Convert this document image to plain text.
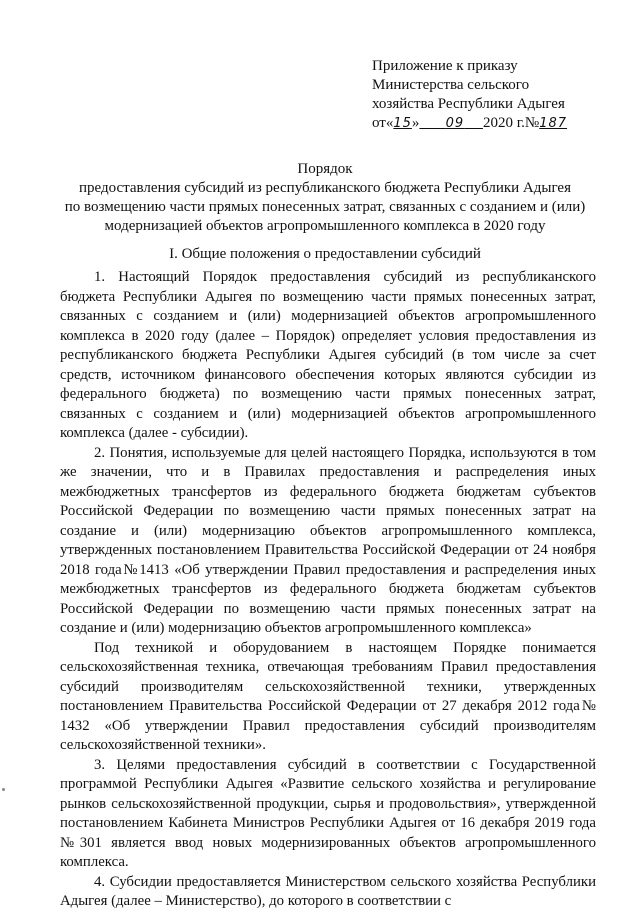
Приложение к приказу
Министерства сельского
хозяйства Республики Адыгея
от«15» 09 2020 г.№187
Порядок
предоставления субсидий из республиканского бюджета Республики Адыгея
по возмещению части прямых понесенных затрат, связанных с созданием и (или)
модернизацией объектов агропромышленного комплекса в 2020 году
I. Общие положения о предоставлении субсидий

1. Настоящий Порядок предоставления субсидий из республиканского бюджета Республики Адыгея по возмещению части прямых понесенных затрат, связанных с созданием и (или) модернизацией объектов агропромышленного комплекса в 2020 году (далее – Порядок) определяет условия предоставления из республиканского бюджета Республики Адыгея субсидий (в том числе за счет средств, источником финансового обеспечения которых являются субсидии из федерального бюджета) по возмещению части прямых понесенных затрат, связанных с созданием и (или) модернизацией объектов агропромышленного комплекса (далее - субсидии).

2. Понятия, используемые для целей настоящего Порядка, используются в том же значении, что и в Правилах предоставления и распределения иных межбюджетных трансфертов из федерального бюджета бюджетам субъектов Российской Федерации по возмещению части прямых понесенных затрат на создание и (или) модернизацию объектов агропромышленного комплекса, утвержденных постановлением Правительства Российской Федерации от 24 ноября 2018 года№1413 «Об утверждении Правил предоставления и распределения иных межбюджетных трансфертов из федерального бюджета бюджетам субъектов Российской Федерации по возмещению части прямых понесенных затрат на создание и (или) модернизацию объектов агропромышленного комплекса»

Под техникой и оборудованием в настоящем Порядке понимается сельскохозяйственная техника, отвечающая требованиям Правил предоставления субсидий производителям сельскохозяйственной техники, утвержденных постановлением Правительства Российской Федерации от 27 декабря 2012 года№ 1432 «Об утверждении Правил предоставления субсидий производителям сельскохозяйственной техники».

3. Целями предоставления субсидий в соответствии с Государственной программой Республики Адыгея «Развитие сельского хозяйства и регулирование рынков сельскохозяйственной продукции, сырья и продовольствия», утвержденной постановлением Кабинета Министров Республики Адыгея от 16 декабря 2019 года №301 является ввод новых модернизированных объектов агропромышленного комплекса.

4. Субсидии предоставляется Министерством сельского хозяйства Республики Адыгея (далее – Министерство), до которого в соответствии с
